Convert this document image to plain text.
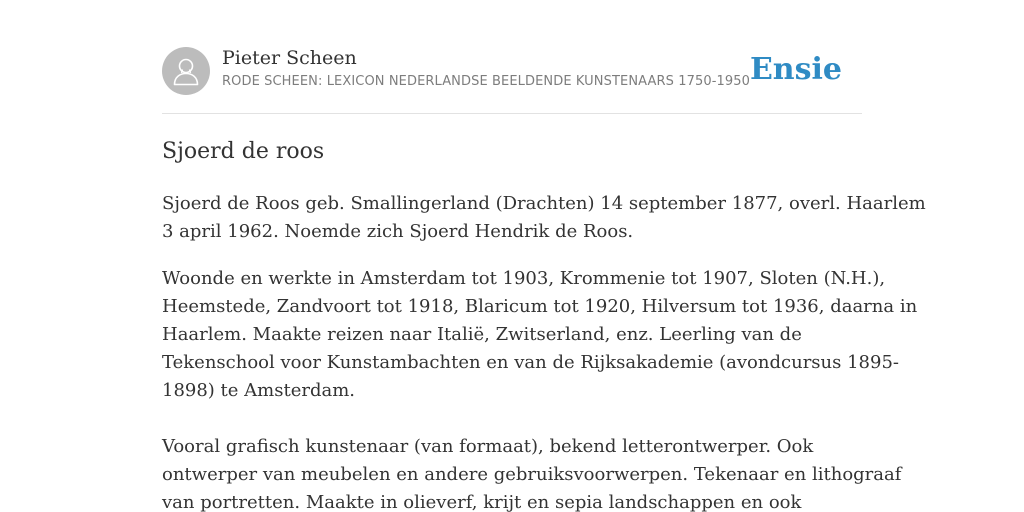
Pieter Scheen
RODE SCHEEN: LEXICON NEDERLANDSE BEELDENDE KUNSTENAARS 1750-1950 Ensie
Sjoerd de roos

Sjoerd de Roos geb. Smallingerland (Drachten) 14 september 1877, overl. Haarlem

3 april 1962. Noemde zich Sjoerd Hendrik de Roos.

Woonde en werkte in Amsterdam tot 1903, Krommenie tot 1907, Sloten (N.H.),

Heemstede, Zandvoort tot 1918, Blaricum tot 1920, Hilversum tot 1936, daarna in

Haarlem. Maakte reizen naar Italië, Zwitserland, enz. Leerling van de

Tekenschool voor Kunstambachten en van de Rijksakademie (avondcursus 1895-

1898) te Amsterdam.

Vooral grafisch kunstenaar (van formaat), bekend letterontwerper. Ook

ontwerper van meubelen en andere gebruiksvoorwerpen. Tekenaar en lithograaf

van portretten. Maakte in olieverf, krijt en sepia landschappen en ook
